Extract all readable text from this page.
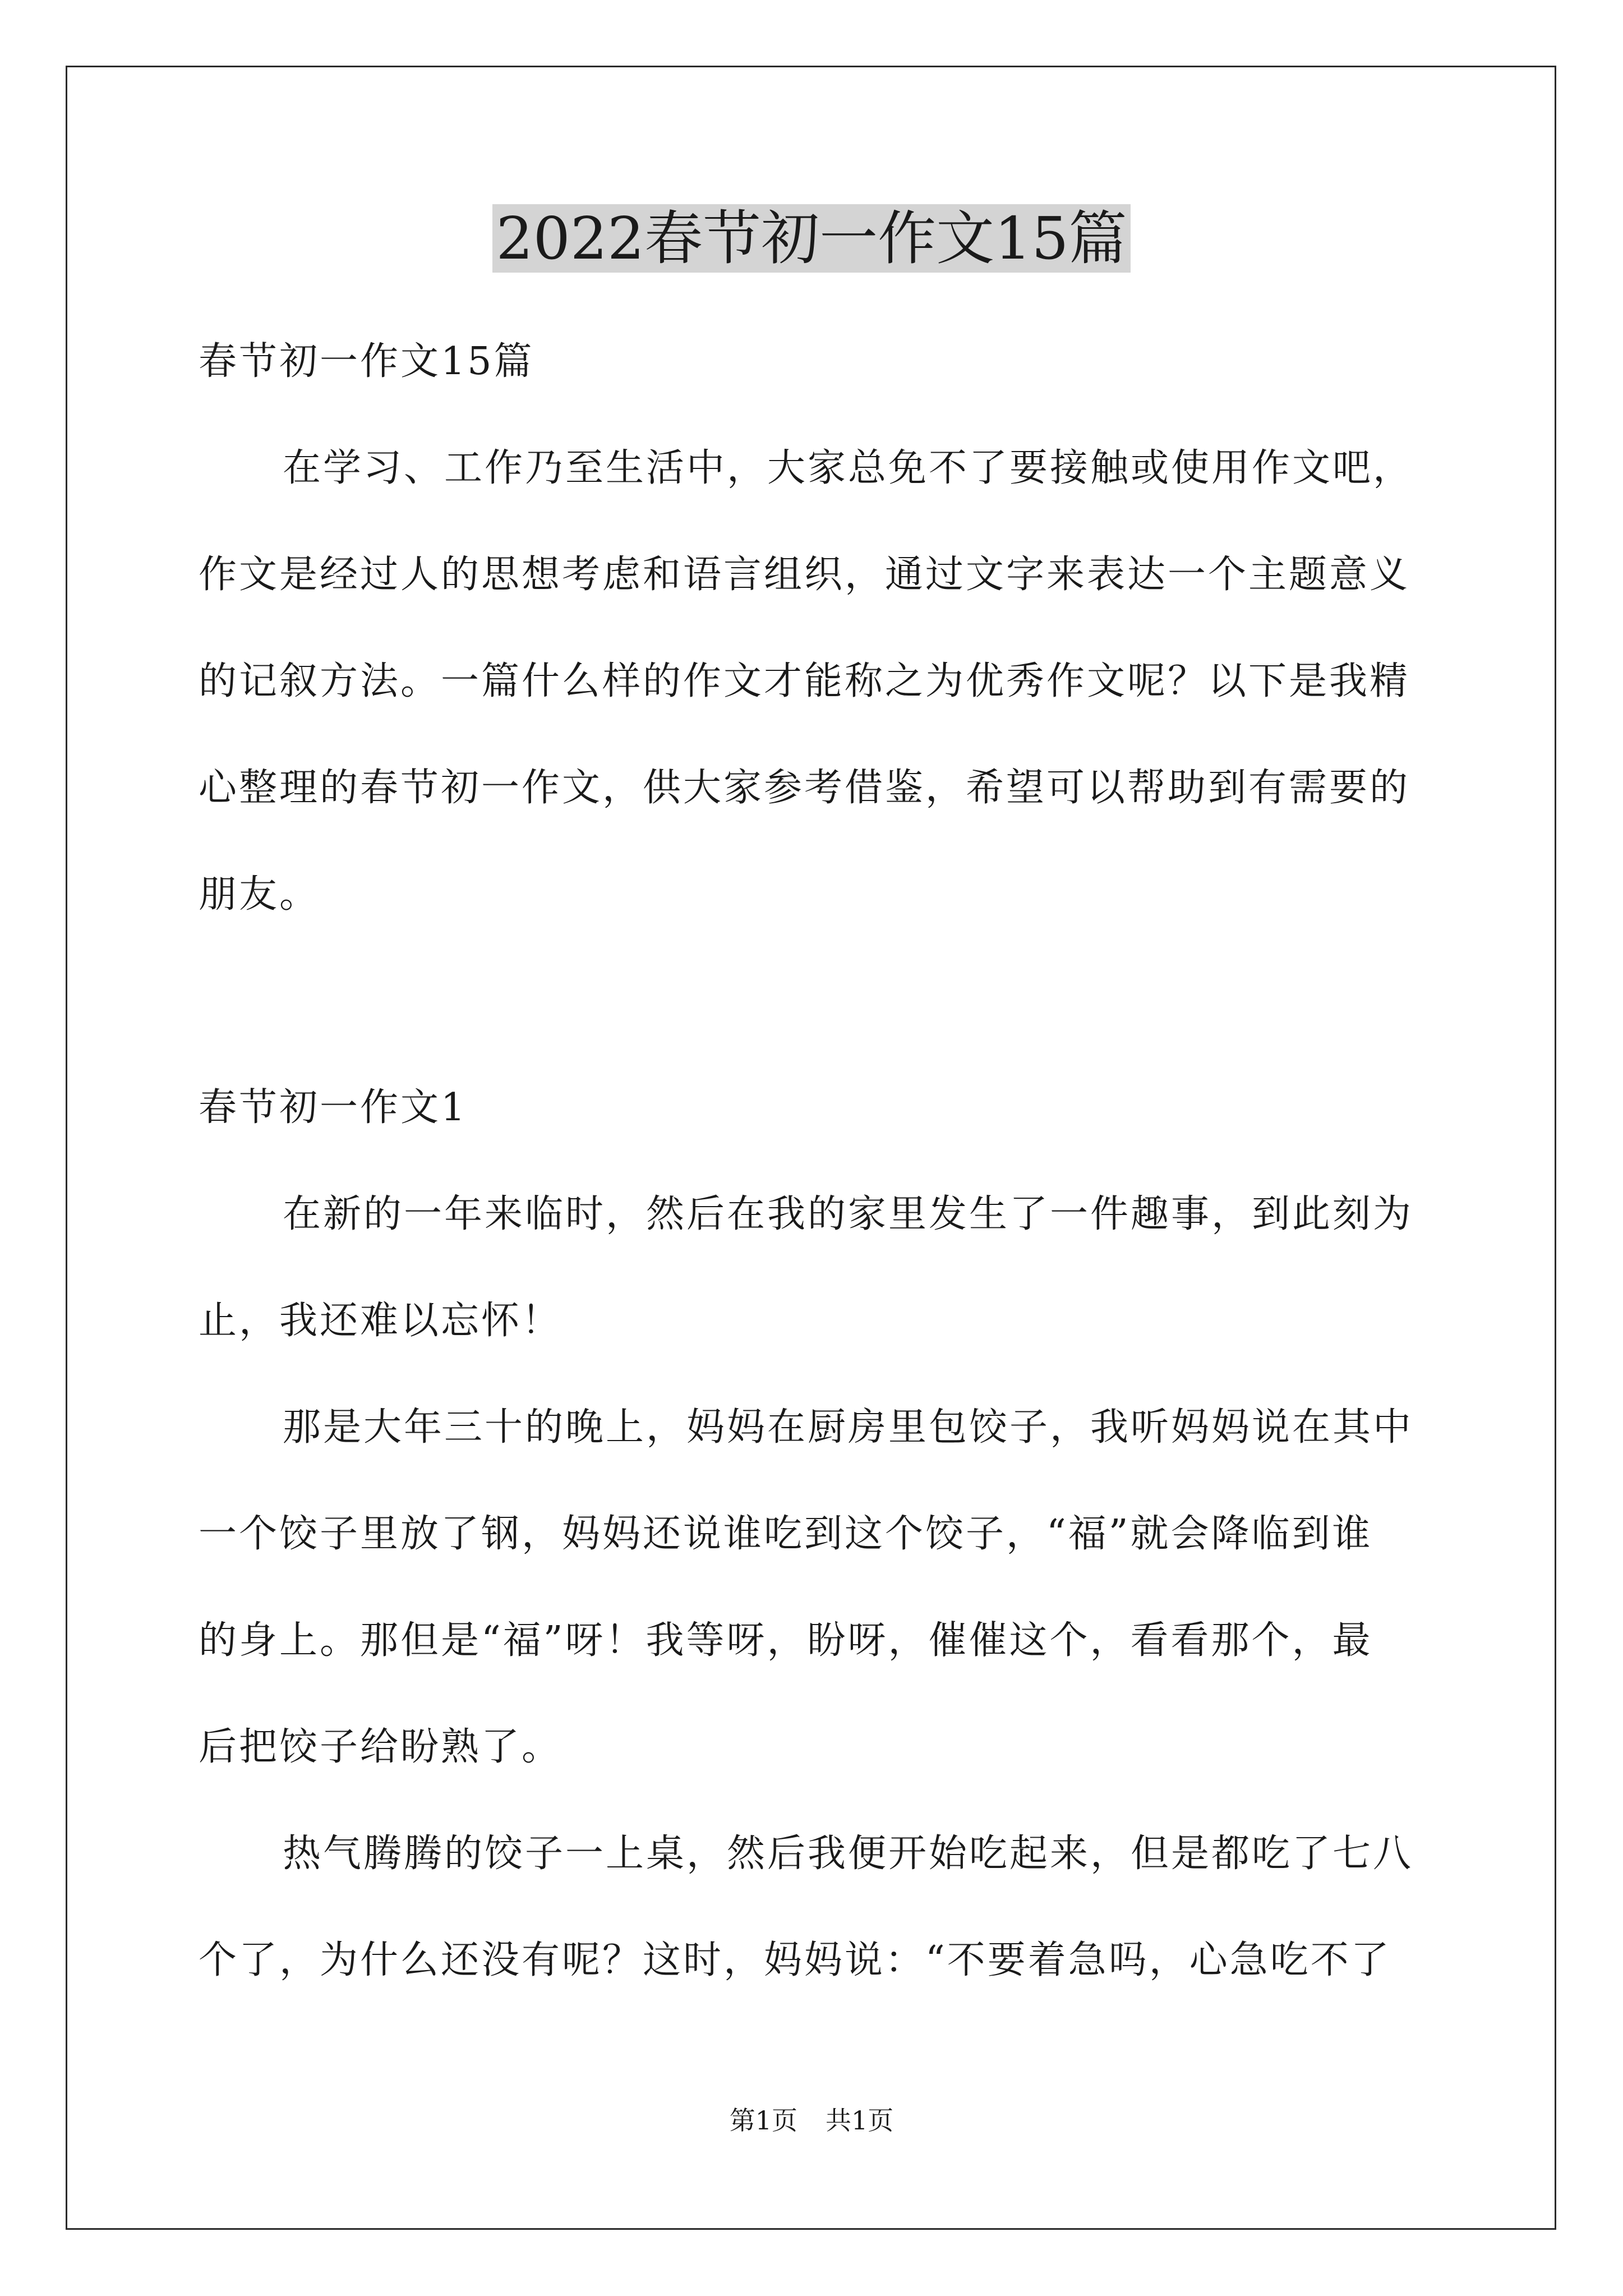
2022春节初一作文15篇
春节初一作文15篇
在学习、工作乃至生活中，大家总免不了要接触或使用作文吧，
作文是经过人的思想考虑和语言组织，通过文字来表达一个主题意义
的记叙方法。一篇什么样的作文才能称之为优秀作文呢？以下是我精
心整理的春节初一作文，供大家参考借鉴，希望可以帮助到有需要的
朋友。
春节初一作文1
在新的一年来临时，然后在我的家里发生了一件趣事，到此刻为
止，我还难以忘怀！
那是大年三十的晚上，妈妈在厨房里包饺子，我听妈妈说在其中
一个饺子里放了钢，妈妈还说谁吃到这个饺子，“福”就会降临到谁
的身上。那但是“福”呀！我等呀，盼呀，催催这个，看看那个，最
后把饺子给盼熟了。
热气腾腾的饺子一上桌，然后我便开始吃起来，但是都吃了七八
个了，为什么还没有呢？这时，妈妈说：“不要着急吗，心急吃不了
第1页 共1页
